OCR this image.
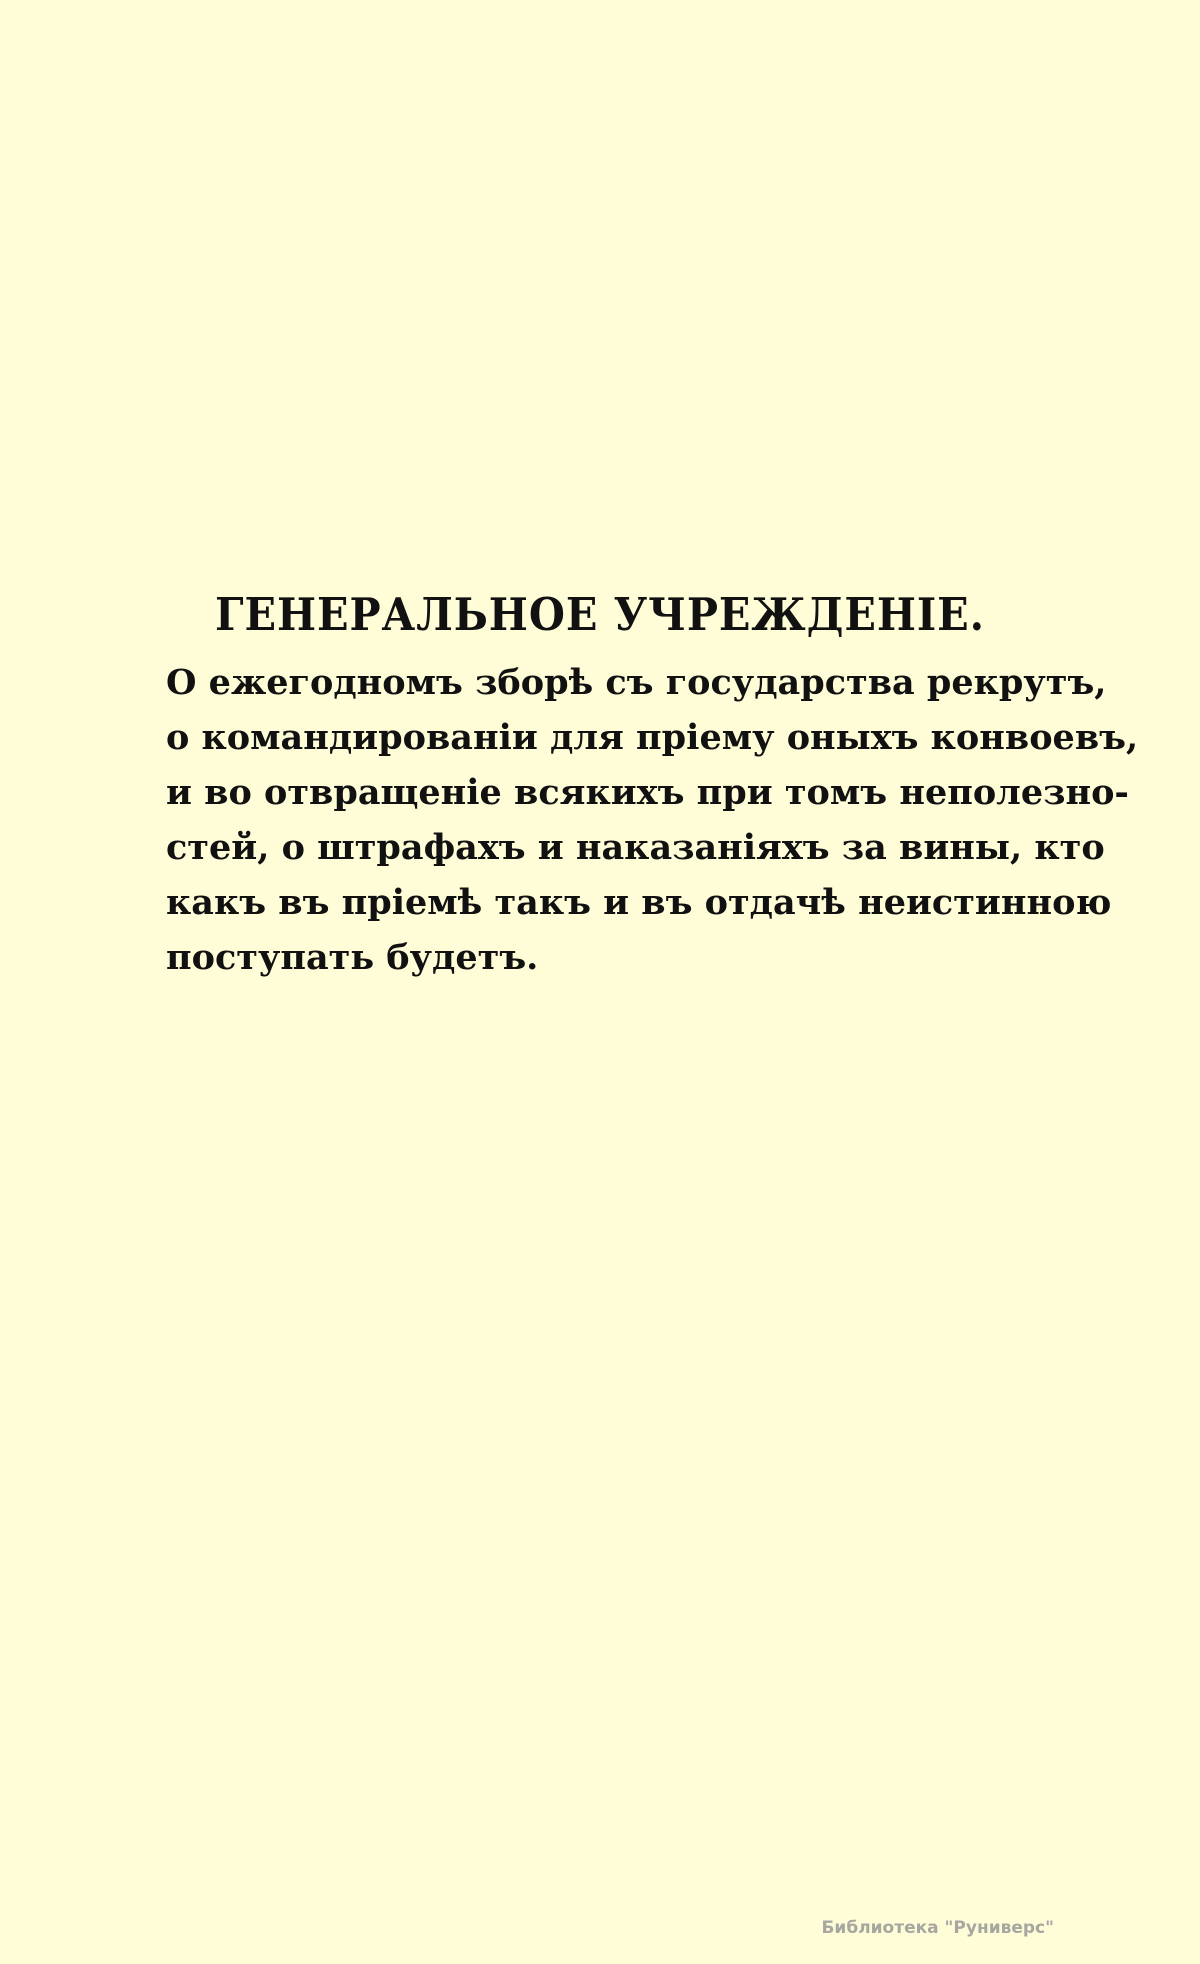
ГЕНЕРАЛЬНОЕ УЧРЕЖДЕНІЕ.
О ежегодномъ зборѣ съ государства рекрутъ,
о командированіи для пріему оныхъ конвоевъ,
и во отвращеніе всякихъ при томъ неполезно-
стей, о штрафахъ и наказаніяхъ за вины, кто
какъ въ пріемѣ такъ и въ отдачѣ неистинною
поступать будетъ.

Библиотека "Руниверс"
